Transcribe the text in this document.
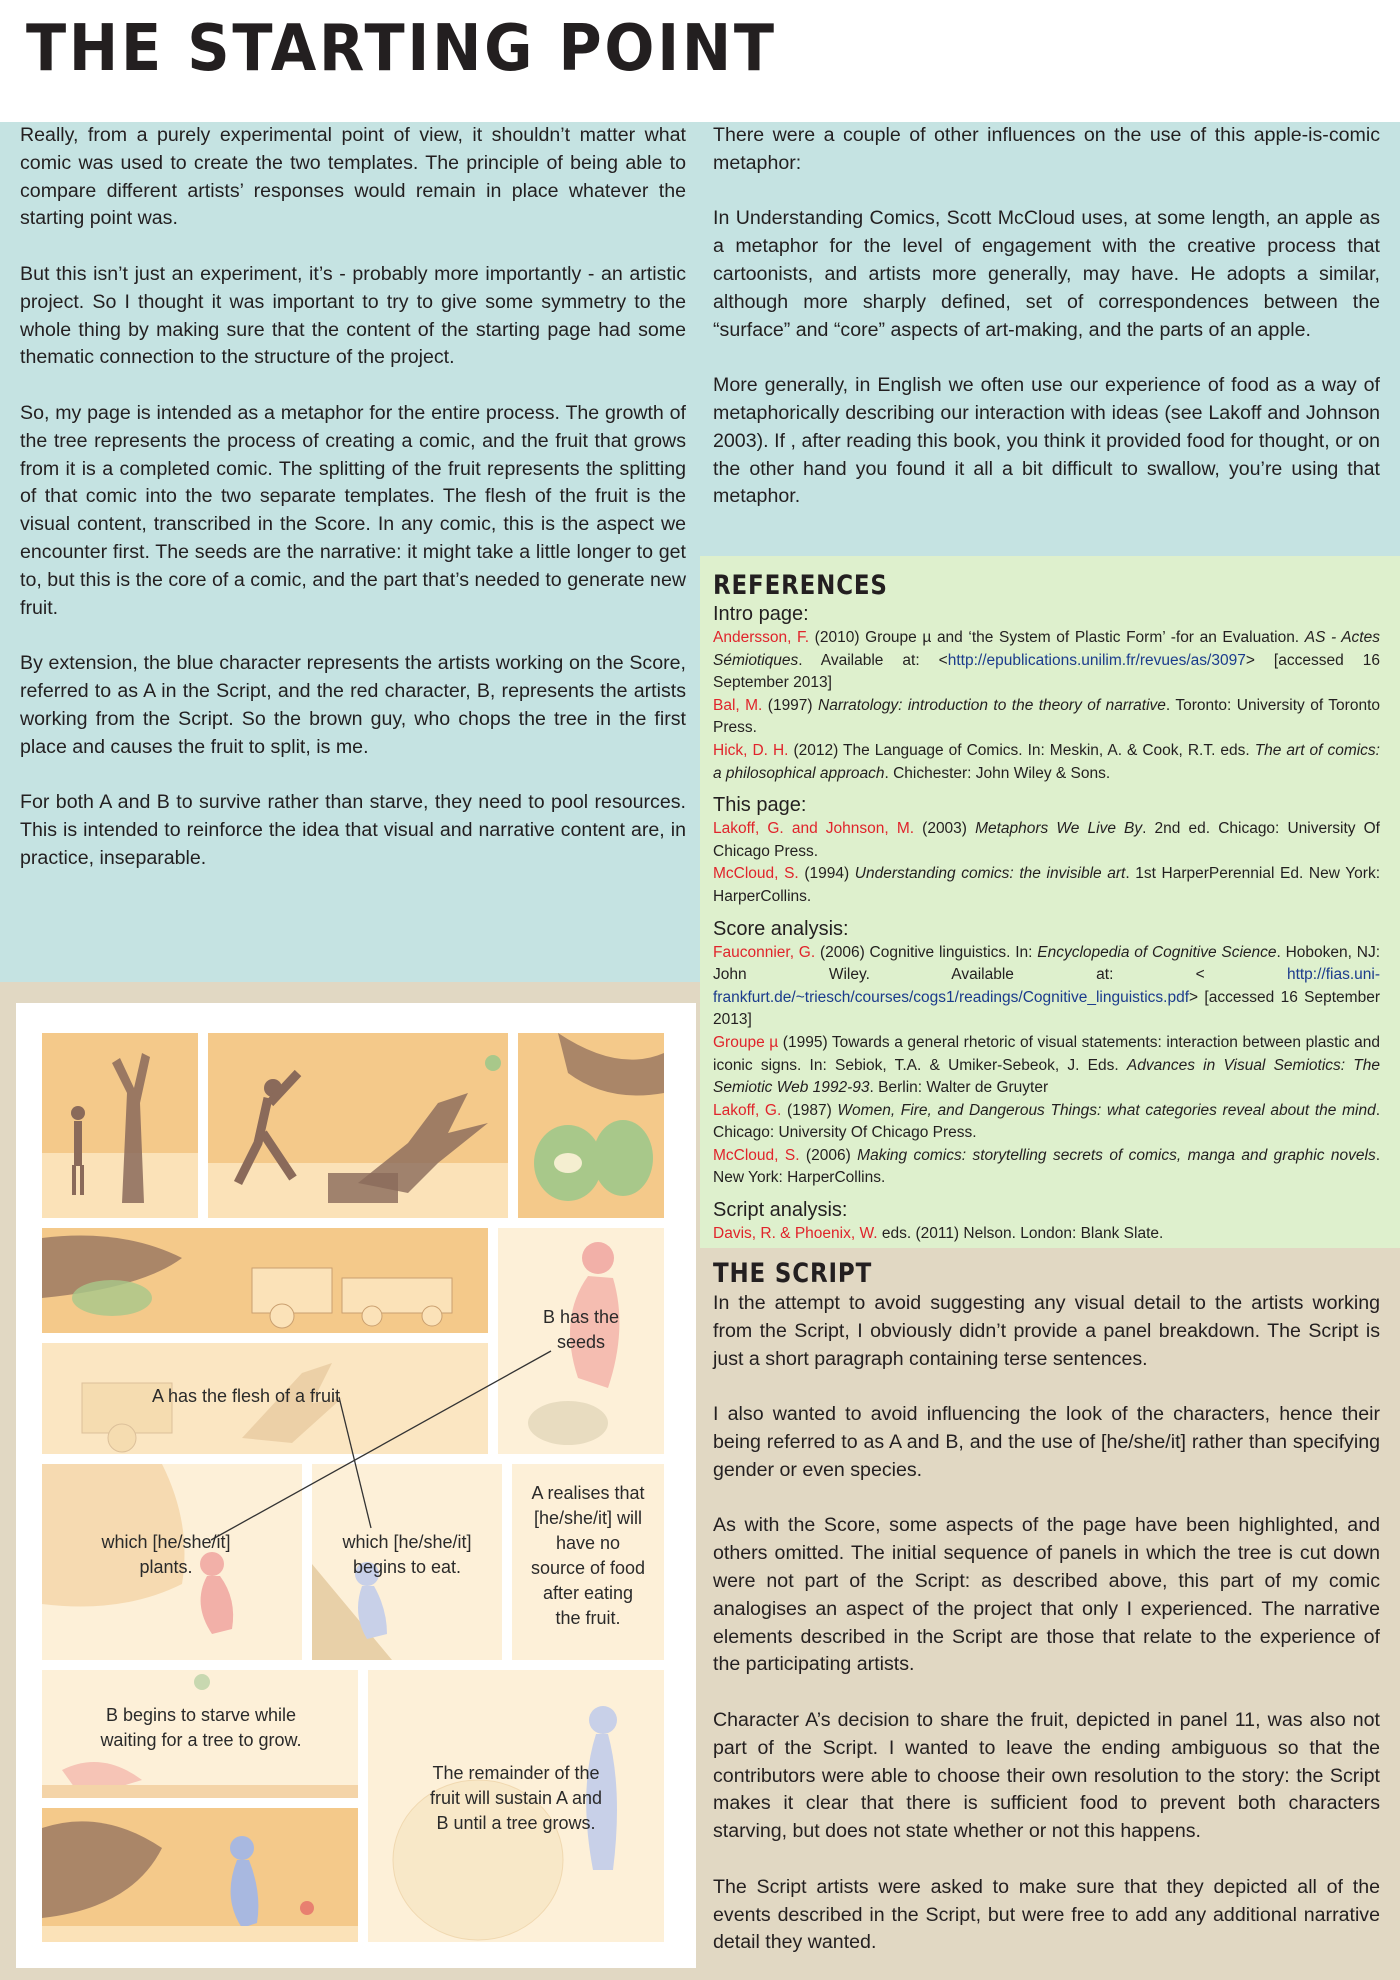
THE STARTING POINT

Really, from a purely experimental point of view, it shouldn’t matter what comic was used to create the two templates. The principle of being able to compare different artists’ responses would remain in place whatever the starting point was.

But this isn’t just an experiment, it’s - probably more importantly - an artistic project. So I thought it was important to try to give some symmetry to the whole thing by making sure that the content of the starting page had some thematic connection to the structure of the project.

So, my page is intended as a metaphor for the entire process. The growth of the tree represents the process of creating a comic, and the fruit that grows from it is a completed comic. The splitting of the fruit represents the splitting of that comic into the two separate templates. The flesh of the fruit is the visual content, transcribed in the Score. In any comic, this is the aspect we encounter first. The seeds are the narrative: it might take a little longer to get to, but this is the core of a comic, and the part that’s needed to generate new fruit.

By extension, the blue character represents the artists working on the Score, referred to as A in the Script, and the red character, B, represents the artists working from the Script. So the brown guy, who chops the tree in the first place and causes the fruit to split, is me.

For both A and B to survive rather than starve, they need to pool resources. This is intended to reinforce the idea that visual and narrative content are, in practice, inseparable.

There were a couple of other influences on the use of this apple-is-comic metaphor:

In Understanding Comics, Scott McCloud uses, at some length, an apple as a metaphor for the level of engagement with the creative process that cartoonists, and artists more generally, may have. He adopts a similar, although more sharply defined, set of correspondences between the “surface” and “core” aspects of art-making, and the parts of an apple.

More generally, in English we often use our experience of food as a way of metaphorically describing our interaction with ideas (see Lakoff and Johnson 2003). If , after reading this book, you think it provided food for thought, or on the other hand you found it all a bit difficult to swallow, you’re using that metaphor.

REFERENCES

Intro page:

Andersson, F. (2010) Groupe µ and ‘the System of Plastic Form’ -for an Evaluation. AS - Actes Sémiotiques. Available at: <http://epublications.unilim.fr/revues/as/3097> [accessed 16 September 2013]

Bal, M. (1997) Narratology: introduction to the theory of narrative. Toronto: University of Toronto Press.

Hick, D. H. (2012) The Language of Comics. In: Meskin, A. & Cook, R.T. eds. The art of comics: a philosophical approach. Chichester: John Wiley & Sons.

This page:

Lakoff, G. and Johnson, M. (2003) Metaphors We Live By. 2nd ed. Chicago: University Of Chicago Press.

McCloud, S. (1994) Understanding comics: the invisible art. 1st HarperPerennial Ed. New York: HarperCollins.

Score analysis:

Fauconnier, G. (2006) Cognitive linguistics. In: Encyclopedia of Cognitive Science. Hoboken, NJ: John Wiley. Available at: < http://fias.uni-frankfurt.de/~triesch/courses/cogs1/readings/Cognitive_linguistics.pdf> [accessed 16 September 2013]

Groupe µ (1995) Towards a general rhetoric of visual statements: interaction between plastic and iconic signs. In: Sebiok, T.A. & Umiker-Sebeok, J. Eds. Advances in Visual Semiotics: The Semiotic Web 1992-93. Berlin: Walter de Gruyter

Lakoff, G. (1987) Women, Fire, and Dangerous Things: what categories reveal about the mind. Chicago: University Of Chicago Press.

McCloud, S. (2006) Making comics: storytelling secrets of comics, manga and graphic novels. New York: HarperCollins.

Script analysis:

Davis, R. & Phoenix, W. eds. (2011) Nelson. London: Blank Slate.

THE SCRIPT

In the attempt to avoid suggesting any visual detail to the artists working from the Script, I obviously didn’t provide a panel breakdown. The Script is just a short paragraph containing terse sentences.

I also wanted to avoid influencing the look of the characters, hence their being referred to as A and B, and the use of [he/she/it] rather than specifying gender or even species.

As with the Score, some aspects of the page have been highlighted, and others omitted. The initial sequence of panels in which the tree is cut down were not part of the Script: as described above, this part of my comic analogises an aspect of the project that only I experienced. The narrative elements described in the Script are those that relate to the experience of the participating artists.

Character A’s decision to share the fruit, depicted in panel 11, was also not part of the Script. I wanted to leave the ending ambiguous so that the contributors were able to choose their own resolution to the story: the Script makes it clear that there is sufficient food to prevent both characters starving, but does not state whether or not this happens.

The Script artists were asked to make sure that they depicted all of the events described in the Script, but were free to add any additional narrative detail they wanted.

B has the
seeds
A has the flesh of a fruit
which [he/she/it]
plants.
which [he/she/it]
begins to eat.
A realises that
[he/she/it] will
have no
source of food
after eating
the fruit.
B begins to starve while
waiting for a tree to grow.
The remainder of the
fruit will sustain A and
B until a tree grows.
